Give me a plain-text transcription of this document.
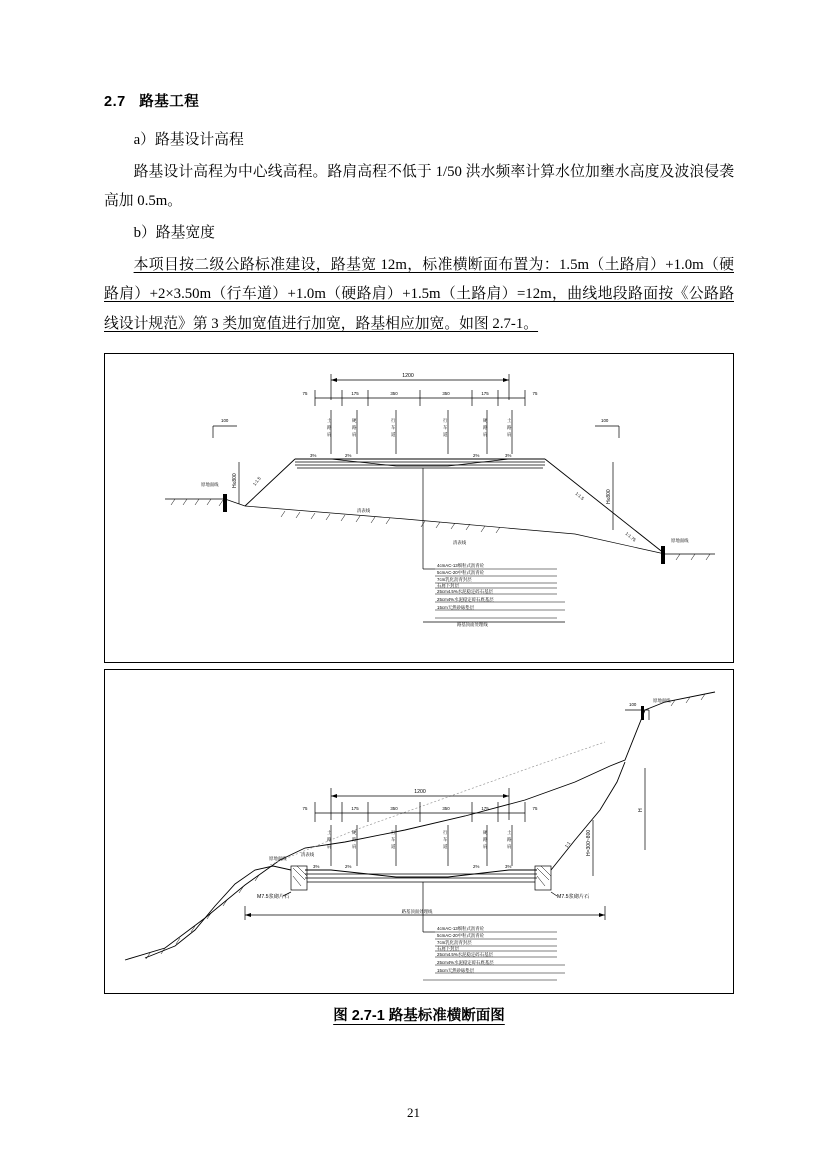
2.7 路基工程

a）路基设计高程

路基设计高程为中心线高程。路肩高程不低于 1/50 洪水频率计算水位加壅水高度及波浪侵袭高加 0.5m。

b）路基宽度

本项目按二级公路标准建设，路基宽 12m，标准横断面布置为：1.5m（土路肩）+1.0m（硬路肩）+2×3.50m（行车道）+1.0m（硬路肩）+1.5m（土路肩）=12m，曲线地段路面按《公路路线设计规范》第 3 类加宽值进行加宽，路基相应加宽。如图 2.7-1。

1200
75	175	350	350	175	75
土
路
肩
硬
路
肩
行
车
道
行
车
道
硬
路
肩
土
路
肩
100	100
3%	2%	2%	3%
1:1.5
1:1.5
1:1.75
原地面线
清表线
清表线	原地面线
H≤800
H≤800
4cmAC-13细粒式沥青砼
5cmAC-20中粒式沥青砼
7cm乳化沥青封层
石屑下封层
25cm4.5%水泥稳定碎石基层
25cm4%水泥稳定碎石底基层
15cm天然砂砾垫层
路基顶面处理线
1200
75	175	350	350	175	75
土
路
肩
硬
路
肩
行
车
道
行
车
道
硬
路
肩
土
路
肩
3%	2%	2%	3%
M7.5浆砌片石	M7.5浆砌片石
原地面线
清表线
1:1
100
原地面线
H=300~800
H
路基顶面处理线
4cmAC-13细粒式沥青砼
5cmAC-20中粒式沥青砼
7cm乳化沥青封层
石屑下封层
25cm4.5%水泥稳定碎石基层
25cm4%水泥稳定碎石底基层
15cm天然砂砾垫层
图 2.7-1 路基标准横断面图
21
